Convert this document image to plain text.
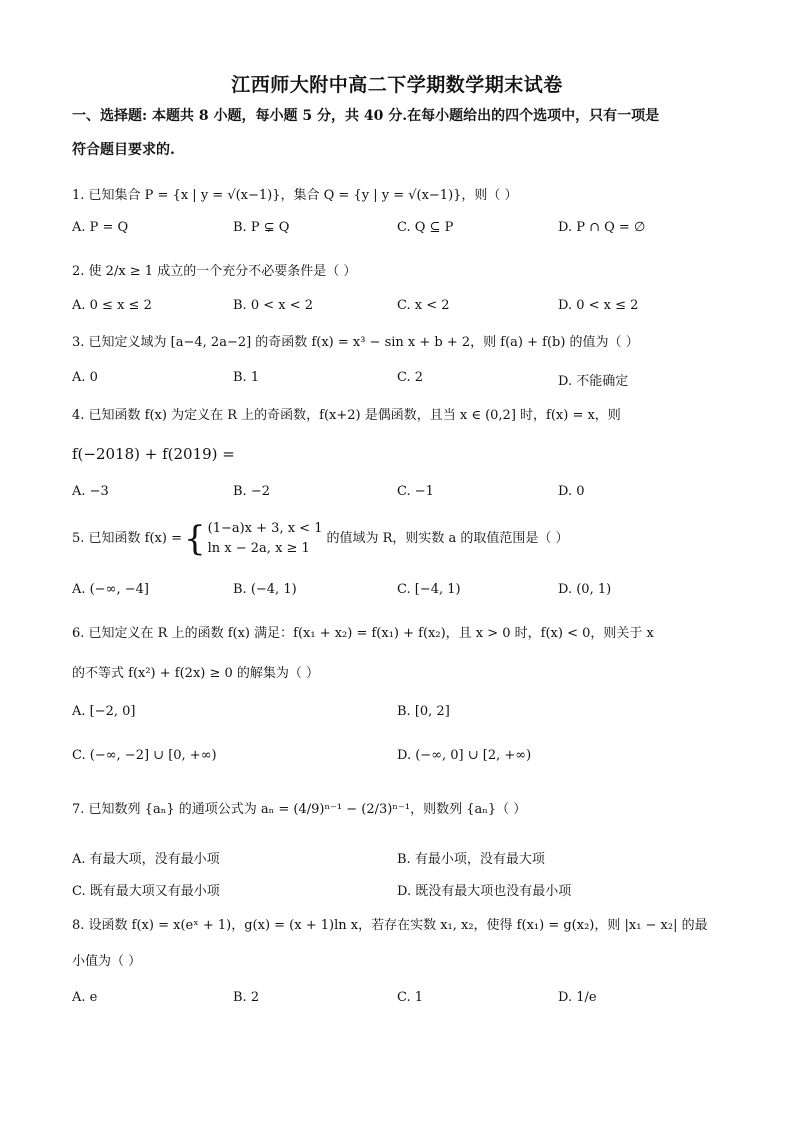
江西师大附中高二下学期数学期末试卷
一、选择题: 本题共 8 小题，每小题 5 分，共 40 分.在每小题给出的四个选项中，只有一项是
符合题目要求的.
1. 已知集合 P = {x | y = √(x−1)}，集合 Q = {y | y = √(x−1)}，则（ ）
A. P = Q	B. P ⊊ Q	C. Q ⊆ P	D. P ∩ Q = ∅
2. 使 2/x ≥ 1 成立的一个充分不必要条件是（ ）
A. 0 ≤ x ≤ 2	B. 0 < x < 2	C. x < 2	D. 0 < x ≤ 2
3. 已知定义域为 [a−4, 2a−2] 的奇函数 f(x) = x³ − sin x + b + 2，则 f(a) + f(b) 的值为（ ）
A. 0	B. 1	C. 2	D. 不能确定
4. 已知函数 f(x) 为定义在 R 上的奇函数，f(x+2) 是偶函数，且当 x ∈ (0,2] 时，f(x) = x，则
f(−2018) + f(2019) =
A. −3	B. −2	C. −1	D. 0
5. 已知函数 f(x) = { (1−a)x + 3, x < 1
ln x − 2a, x ≥ 1
的值域为 R，则实数 a 的取值范围是（ ）
A. (−∞, −4]	B. (−4, 1)	C. [−4, 1)	D. (0, 1)
6. 已知定义在 R 上的函数 f(x) 满足：f(x₁ + x₂) = f(x₁) + f(x₂)，且 x > 0 时，f(x) < 0，则关于 x
的不等式 f(x²) + f(2x) ≥ 0 的解集为（ ）
A. [−2, 0]	B. [0, 2]
C. (−∞, −2] ∪ [0, +∞)	D. (−∞, 0] ∪ [2, +∞)
7. 已知数列 {aₙ} 的通项公式为 aₙ = (4/9)ⁿ⁻¹ − (2/3)ⁿ⁻¹，则数列 {aₙ}（ ）
A. 有最大项，没有最小项	B. 有最小项，没有最大项
C. 既有最大项又有最小项	D. 既没有最大项也没有最小项
8. 设函数 f(x) = x(eˣ + 1)，g(x) = (x + 1)ln x，若存在实数 x₁, x₂，使得 f(x₁) = g(x₂)，则 |x₁ − x₂| 的最
小值为（ ）
A. e	B. 2	C. 1	D. 1/e
